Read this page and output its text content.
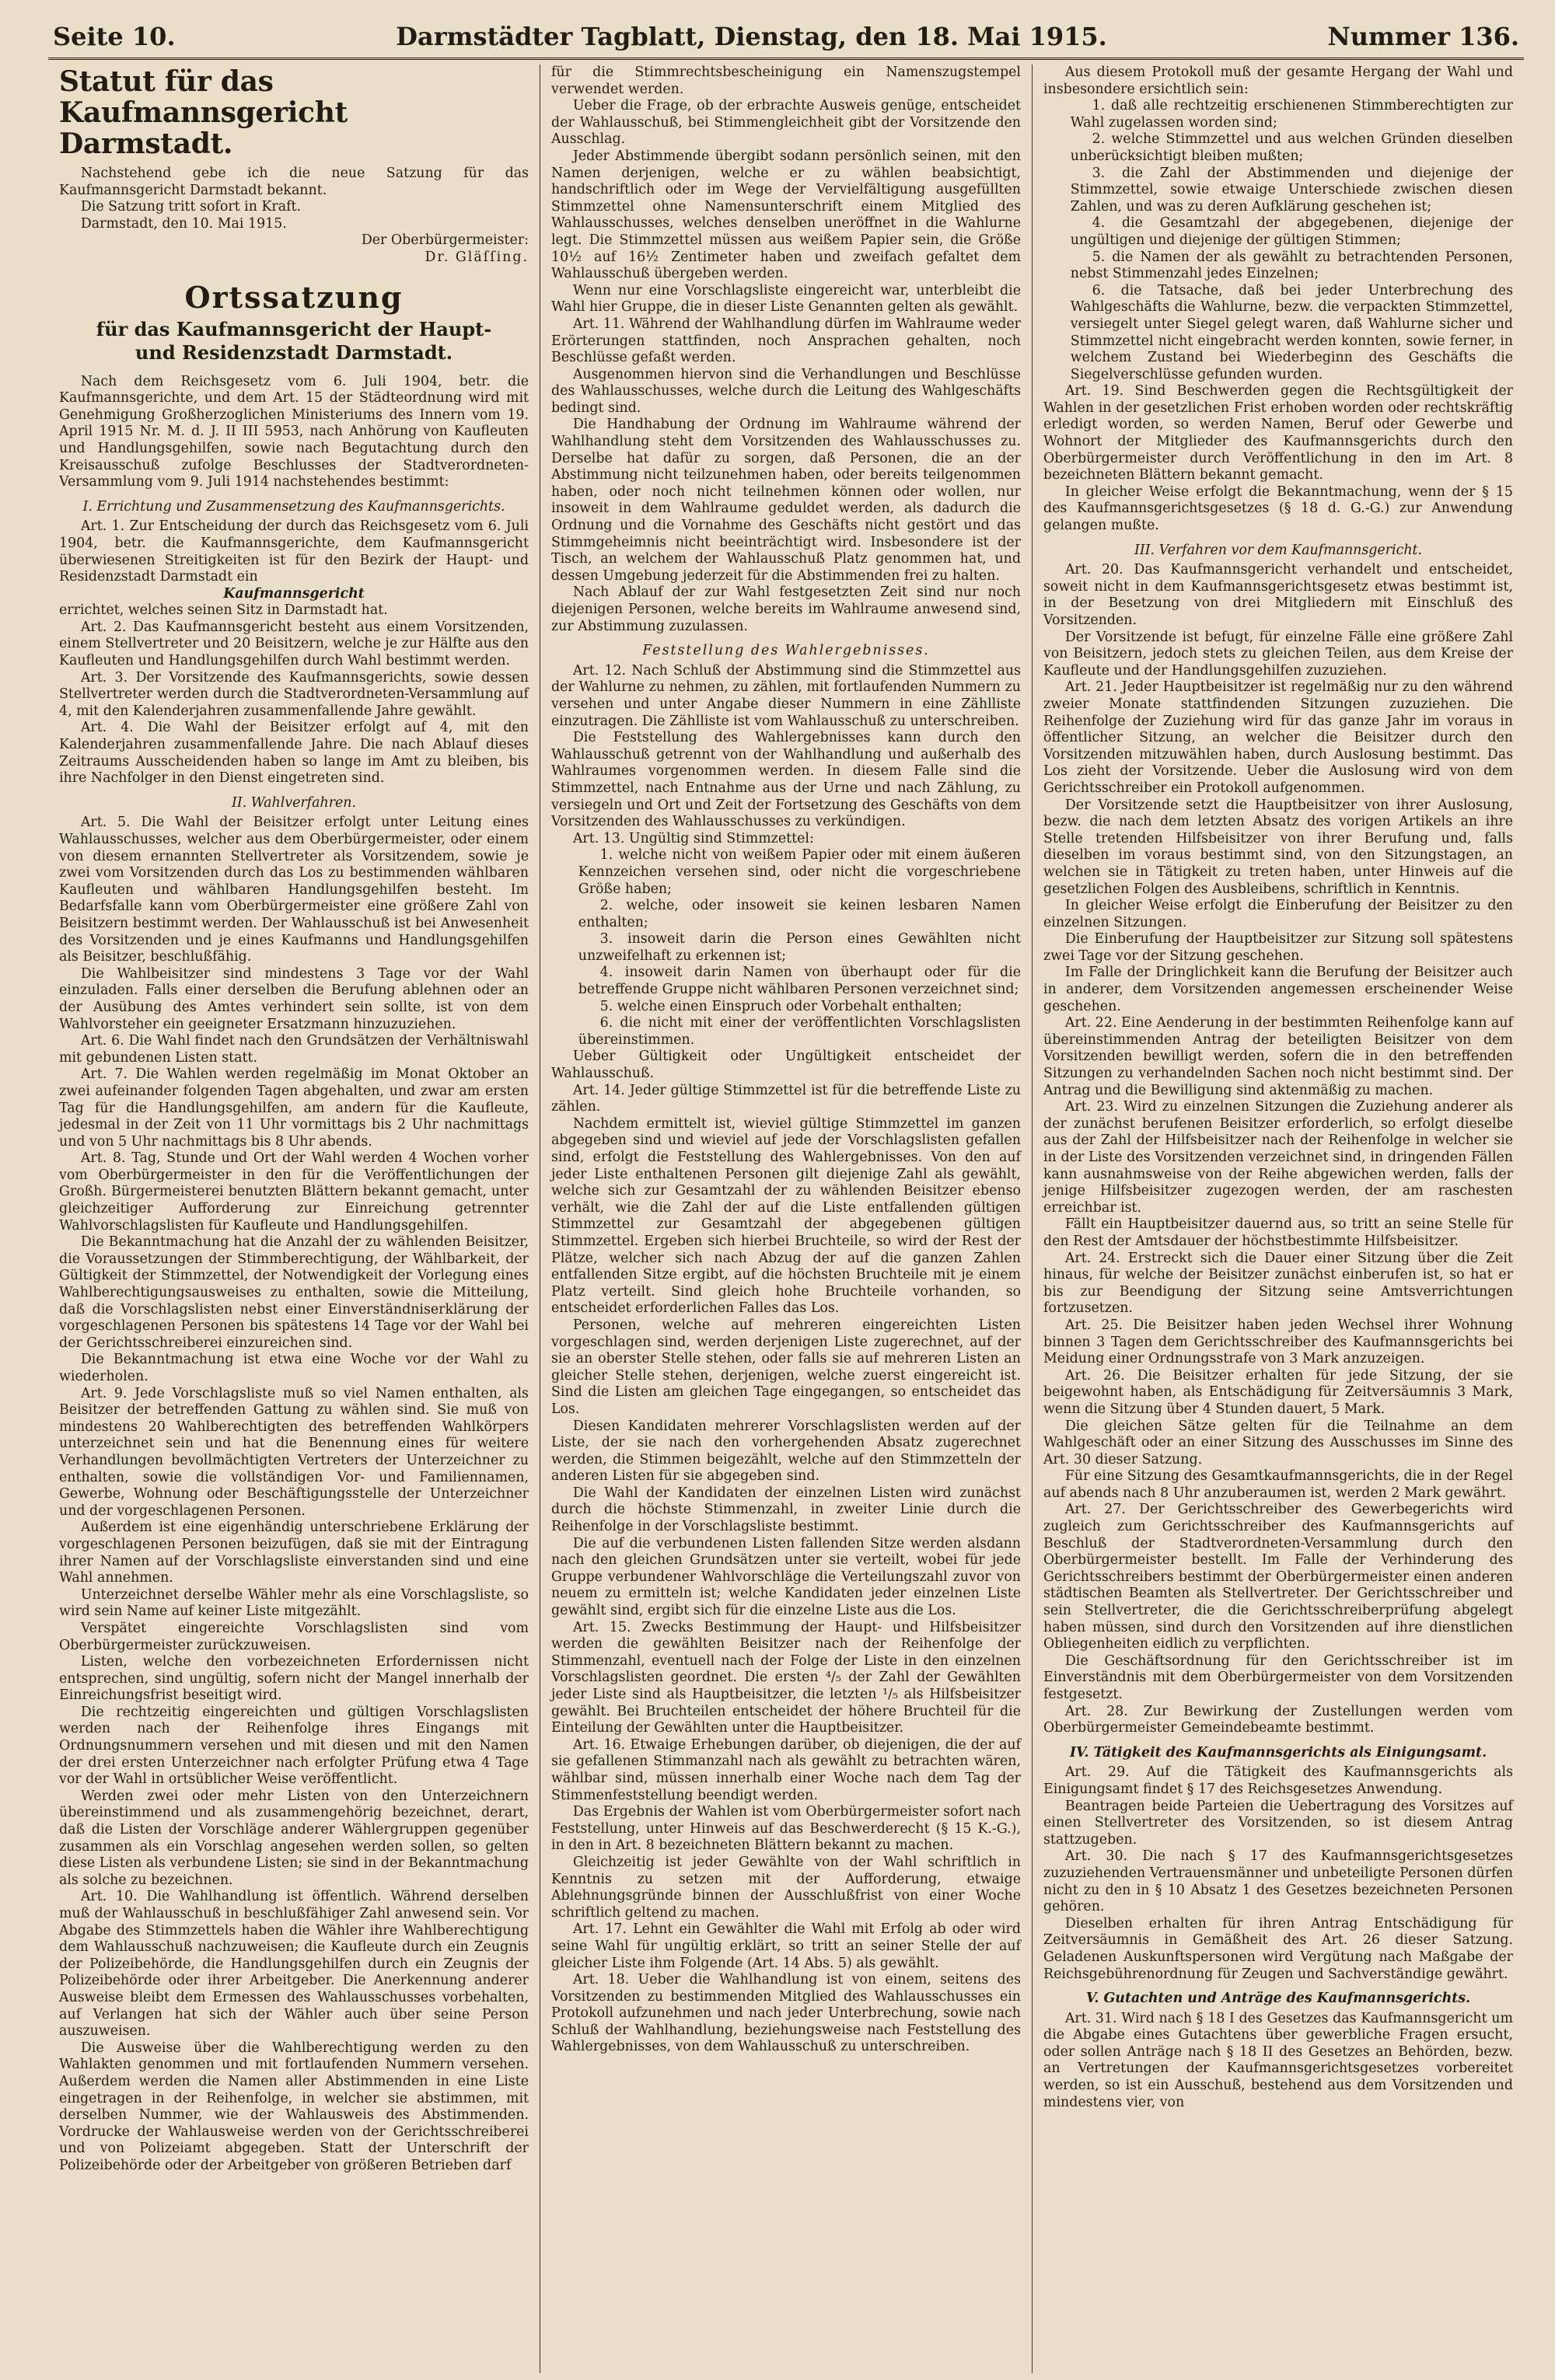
Seite 10.	Darmstädter Tagblatt, Dienstag, den 18. Mai 1915.	Nummer 136.
Statut für das Kaufmannsgericht Darmstadt.

Nachstehend gebe ich die neue Satzung für das Kaufmannsgericht Darmstadt bekannt.

Die Satzung tritt sofort in Kraft.

Darmstadt, den 10. Mai 1915.

Der Oberbürgermeister:
Dr. Gläſſing.
Ortssatzung
für das Kaufmannsgericht der Haupt- und Residenzstadt Darmstadt.

Nach dem Reichsgesetz vom 6. Juli 1904, betr. die Kaufmannsgerichte, und dem Art. 15 der Städteordnung wird mit Genehmigung Großherzoglichen Ministeriums des Innern vom 19. April 1915 Nr. M. d. J. II III 5953, nach Anhörung von Kaufleuten und Handlungsgehilfen, sowie nach Begutachtung durch den Kreisausschuß zufolge Beschlusses der Stadtverordneten-Versammlung vom 9. Juli 1914 nachstehendes bestimmt:

I. Errichtung und Zusammensetzung des Kaufmannsgerichts.

Art. 1. Zur Entscheidung der durch das Reichsgesetz vom 6. Juli 1904, betr. die Kaufmannsgerichte, dem Kaufmannsgericht überwiesenen Streitigkeiten ist für den Bezirk der Haupt- und Residenzstadt Darmstadt ein

Kaufmannsgericht

errichtet, welches seinen Sitz in Darmstadt hat.

Art. 2. Das Kaufmannsgericht besteht aus einem Vorsitzenden, einem Stellvertreter und 20 Beisitzern, welche je zur Hälfte aus den Kaufleuten und Handlungsgehilfen durch Wahl bestimmt werden.

Art. 3. Der Vorsitzende des Kaufmannsgerichts, sowie dessen Stellvertreter werden durch die Stadtverordneten-Versammlung auf 4, mit den Kalenderjahren zusammenfallende Jahre gewählt.

Art. 4. Die Wahl der Beisitzer erfolgt auf 4, mit den Kalenderjahren zusammenfallende Jahre. Die nach Ablauf dieses Zeitraums Ausscheidenden haben so lange im Amt zu bleiben, bis ihre Nachfolger in den Dienst eingetreten sind.

II. Wahlverfahren.

Art. 5. Die Wahl der Beisitzer erfolgt unter Leitung eines Wahlausschusses, welcher aus dem Oberbürgermeister, oder einem von diesem ernannten Stellvertreter als Vorsitzendem, sowie je zwei vom Vorsitzenden durch das Los zu bestimmenden wählbaren Kaufleuten und wählbaren Handlungsgehilfen besteht. Im Bedarfsfalle kann vom Oberbürgermeister eine größere Zahl von Beisitzern bestimmt werden. Der Wahlausschuß ist bei Anwesenheit des Vorsitzenden und je eines Kaufmanns und Handlungsgehilfen als Beisitzer, beschlußfähig.

Die Wahlbeisitzer sind mindestens 3 Tage vor der Wahl einzuladen. Falls einer derselben die Berufung ablehnen oder an der Ausübung des Amtes verhindert sein sollte, ist von dem Wahlvorsteher ein geeigneter Ersatzmann hinzuzuziehen.

Art. 6. Die Wahl findet nach den Grundsätzen der Verhältniswahl mit gebundenen Listen statt.

Art. 7. Die Wahlen werden regelmäßig im Monat Oktober an zwei aufeinander folgenden Tagen abgehalten, und zwar am ersten Tag für die Handlungsgehilfen, am andern für die Kaufleute, jedesmal in der Zeit von 11 Uhr vormittags bis 2 Uhr nachmittags und von 5 Uhr nachmittags bis 8 Uhr abends.

Art. 8. Tag, Stunde und Ort der Wahl werden 4 Wochen vorher vom Oberbürgermeister in den für die Veröffentlichungen der Großh. Bürgermeisterei benutzten Blättern bekannt gemacht, unter gleichzeitiger Aufforderung zur Einreichung getrennter Wahlvorschlagslisten für Kaufleute und Handlungsgehilfen.

Die Bekanntmachung hat die Anzahl der zu wählenden Beisitzer, die Voraussetzungen der Stimmberechtigung, der Wählbarkeit, der Gültigkeit der Stimmzettel, der Notwendigkeit der Vorlegung eines Wahlberechtigungsausweises zu enthalten, sowie die Mitteilung, daß die Vorschlagslisten nebst einer Einverständniserklärung der vorgeschlagenen Personen bis spätestens 14 Tage vor der Wahl bei der Gerichtsschreiberei einzureichen sind.

Die Bekanntmachung ist etwa eine Woche vor der Wahl zu wiederholen.

Art. 9. Jede Vorschlagsliste muß so viel Namen enthalten, als Beisitzer der betreffenden Gattung zu wählen sind. Sie muß von mindestens 20 Wahlberechtigten des betreffenden Wahlkörpers unterzeichnet sein und hat die Benennung eines für weitere Verhandlungen bevollmächtigten Vertreters der Unterzeichner zu enthalten, sowie die vollständigen Vor- und Familiennamen, Gewerbe, Wohnung oder Beschäftigungsstelle der Unterzeichner und der vorgeschlagenen Personen.

Außerdem ist eine eigenhändig unterschriebene Erklärung der vorgeschlagenen Personen beizufügen, daß sie mit der Eintragung ihrer Namen auf der Vorschlagsliste einverstanden sind und eine Wahl annehmen.

Unterzeichnet derselbe Wähler mehr als eine Vorschlagsliste, so wird sein Name auf keiner Liste mitgezählt.

Verspätet eingereichte Vorschlagslisten sind vom Oberbürgermeister zurückzuweisen.

Listen, welche den vorbezeichneten Erfordernissen nicht entsprechen, sind ungültig, sofern nicht der Mangel innerhalb der Einreichungsfrist beseitigt wird.

Die rechtzeitig eingereichten und gültigen Vorschlagslisten werden nach der Reihenfolge ihres Eingangs mit Ordnungsnummern versehen und mit diesen und mit den Namen der drei ersten Unterzeichner nach erfolgter Prüfung etwa 4 Tage vor der Wahl in ortsüblicher Weise veröffentlicht.

Werden zwei oder mehr Listen von den Unterzeichnern übereinstimmend und als zusammengehörig bezeichnet, derart, daß die Listen der Vorschläge anderer Wählergruppen gegenüber zusammen als ein Vorschlag angesehen werden sollen, so gelten diese Listen als verbundene Listen; sie sind in der Bekanntmachung als solche zu bezeichnen.

Art. 10. Die Wahlhandlung ist öffentlich. Während derselben muß der Wahlausschuß in beschlußfähiger Zahl anwesend sein. Vor Abgabe des Stimmzettels haben die Wähler ihre Wahlberechtigung dem Wahlausschuß nachzuweisen; die Kaufleute durch ein Zeugnis der Polizeibehörde, die Handlungsgehilfen durch ein Zeugnis der Polizeibehörde oder ihrer Arbeitgeber. Die Anerkennung anderer Ausweise bleibt dem Ermessen des Wahlausschusses vorbehalten, auf Verlangen hat sich der Wähler auch über seine Person auszuweisen.

Die Ausweise über die Wahlberechtigung werden zu den Wahlakten genommen und mit fortlaufenden Nummern versehen. Außerdem werden die Namen aller Abstimmenden in eine Liste eingetragen in der Reihenfolge, in welcher sie abstimmen, mit derselben Nummer, wie der Wahlausweis des Abstimmenden. Vordrucke der Wahlausweise werden von der Gerichtsschreiberei und von Polizeiamt abgegeben. Statt der Unterschrift der Polizeibehörde oder der Arbeitgeber von größeren Betrieben darf

für die Stimmrechtsbescheinigung ein Namenszugstempel verwendet werden.

Ueber die Frage, ob der erbrachte Ausweis genüge, entscheidet der Wahlausschuß, bei Stimmengleichheit gibt der Vorsitzende den Ausschlag.

Jeder Abstimmende übergibt sodann persönlich seinen, mit den Namen derjenigen, welche er zu wählen beabsichtigt, handschriftlich oder im Wege der Vervielfältigung ausgefüllten Stimmzettel ohne Namensunterschrift einem Mitglied des Wahlausschusses, welches denselben uneröffnet in die Wahlurne legt. Die Stimmzettel müssen aus weißem Papier sein, die Größe 10½ auf 16½ Zentimeter haben und zweifach gefaltet dem Wahlausschuß übergeben werden.

Wenn nur eine Vorschlagsliste eingereicht war, unterbleibt die Wahl hier Gruppe, die in dieser Liste Genannten gelten als gewählt.

Art. 11. Während der Wahlhandlung dürfen im Wahlraume weder Erörterungen stattfinden, noch Ansprachen gehalten, noch Beschlüsse gefaßt werden.

Ausgenommen hiervon sind die Verhandlungen und Beschlüsse des Wahlausschusses, welche durch die Leitung des Wahlgeschäfts bedingt sind.

Die Handhabung der Ordnung im Wahlraume während der Wahlhandlung steht dem Vorsitzenden des Wahlausschusses zu. Derselbe hat dafür zu sorgen, daß Personen, die an der Abstimmung nicht teilzunehmen haben, oder bereits teilgenommen haben, oder noch nicht teilnehmen können oder wollen, nur insoweit in dem Wahlraume geduldet werden, als dadurch die Ordnung und die Vornahme des Geschäfts nicht gestört und das Stimmgeheimnis nicht beeinträchtigt wird. Insbesondere ist der Tisch, an welchem der Wahlausschuß Platz genommen hat, und dessen Umgebung jederzeit für die Abstimmenden frei zu halten.

Nach Ablauf der zur Wahl festgesetzten Zeit sind nur noch diejenigen Personen, welche bereits im Wahlraume anwesend sind, zur Abstimmung zuzulassen.

Feststellung des Wahlergebnisses.

Art. 12. Nach Schluß der Abstimmung sind die Stimmzettel aus der Wahlurne zu nehmen, zu zählen, mit fortlaufenden Nummern zu versehen und unter Angabe dieser Nummern in eine Zählliste einzutragen. Die Zählliste ist vom Wahlausschuß zu unterschreiben.

Die Feststellung des Wahlergebnisses kann durch den Wahlausschuß getrennt von der Wahlhandlung und außerhalb des Wahlraumes vorgenommen werden. In diesem Falle sind die Stimmzettel, nach Entnahme aus der Urne und nach Zählung, zu versiegeln und Ort und Zeit der Fortsetzung des Geschäfts von dem Vorsitzenden des Wahlausschusses zu verkündigen.

Art. 13. Ungültig sind Stimmzettel:

1. welche nicht von weißem Papier oder mit einem äußeren Kennzeichen versehen sind, oder nicht die vorgeschriebene Größe haben;

2. welche, oder insoweit sie keinen lesbaren Namen enthalten;

3. insoweit darin die Person eines Gewählten nicht unzweifelhaft zu erkennen ist;

4. insoweit darin Namen von überhaupt oder für die betreffende Gruppe nicht wählbaren Personen verzeichnet sind;

5. welche einen Einspruch oder Vorbehalt enthalten;

6. die nicht mit einer der veröffentlichten Vorschlagslisten übereinstimmen.

Ueber Gültigkeit oder Ungültigkeit entscheidet der Wahlausschuß.

Art. 14. Jeder gültige Stimmzettel ist für die betreffende Liste zu zählen.

Nachdem ermittelt ist, wieviel gültige Stimmzettel im ganzen abgegeben sind und wieviel auf jede der Vorschlagslisten gefallen sind, erfolgt die Feststellung des Wahlergebnisses. Von den auf jeder Liste enthaltenen Personen gilt diejenige Zahl als gewählt, welche sich zur Gesamtzahl der zu wählenden Beisitzer ebenso verhält, wie die Zahl der auf die Liste entfallenden gültigen Stimmzettel zur Gesamtzahl der abgegebenen gültigen Stimmzettel. Ergeben sich hierbei Bruchteile, so wird der Rest der Plätze, welcher sich nach Abzug der auf die ganzen Zahlen entfallenden Sitze ergibt, auf die höchsten Bruchteile mit je einem Platz verteilt. Sind gleich hohe Bruchteile vorhanden, so entscheidet erforderlichen Falles das Los.

Personen, welche auf mehreren eingereichten Listen vorgeschlagen sind, werden derjenigen Liste zugerechnet, auf der sie an oberster Stelle stehen, oder falls sie auf mehreren Listen an gleicher Stelle stehen, derjenigen, welche zuerst eingereicht ist. Sind die Listen am gleichen Tage eingegangen, so entscheidet das Los.

Diesen Kandidaten mehrerer Vorschlagslisten werden auf der Liste, der sie nach den vorhergehenden Absatz zugerechnet werden, die Stimmen beigezählt, welche auf den Stimmzetteln der anderen Listen für sie abgegeben sind.

Die Wahl der Kandidaten der einzelnen Listen wird zunächst durch die höchste Stimmenzahl, in zweiter Linie durch die Reihenfolge in der Vorschlagsliste bestimmt.

Die auf die verbundenen Listen fallenden Sitze werden alsdann nach den gleichen Grundsätzen unter sie verteilt, wobei für jede Gruppe verbundener Wahlvorschläge die Verteilungszahl zuvor von neuem zu ermitteln ist; welche Kandidaten jeder einzelnen Liste gewählt sind, ergibt sich für die einzelne Liste aus die Los.

Art. 15. Zwecks Bestimmung der Haupt- und Hilfsbeisitzer werden die gewählten Beisitzer nach der Reihenfolge der Stimmenzahl, eventuell nach der Folge der Liste in den einzelnen Vorschlagslisten geordnet. Die ersten ⁴/₅ der Zahl der Gewählten jeder Liste sind als Hauptbeisitzer, die letzten ¹/₅ als Hilfsbeisitzer gewählt. Bei Bruchteilen entscheidet der höhere Bruchteil für die Einteilung der Gewählten unter die Hauptbeisitzer.

Art. 16. Etwaige Erhebungen darüber, ob diejenigen, die der auf sie gefallenen Stimmanzahl nach als gewählt zu betrachten wären, wählbar sind, müssen innerhalb einer Woche nach dem Tag der Stimmenfeststellung beendigt werden.

Das Ergebnis der Wahlen ist vom Oberbürgermeister sofort nach Feststellung, unter Hinweis auf das Beschwerderecht (§ 15 K.-G.), in den in Art. 8 bezeichneten Blättern bekannt zu machen.

Gleichzeitig ist jeder Gewählte von der Wahl schriftlich in Kenntnis zu setzen mit der Aufforderung, etwaige Ablehnungsgründe binnen der Ausschlußfrist von einer Woche schriftlich geltend zu machen.

Art. 17. Lehnt ein Gewählter die Wahl mit Erfolg ab oder wird seine Wahl für ungültig erklärt, so tritt an seiner Stelle der auf gleicher Liste ihm Folgende (Art. 14 Abs. 5) als gewählt.

Art. 18. Ueber die Wahlhandlung ist von einem, seitens des Vorsitzenden zu bestimmenden Mitglied des Wahlausschusses ein Protokoll aufzunehmen und nach jeder Unterbrechung, sowie nach Schluß der Wahlhandlung, beziehungsweise nach Feststellung des Wahlergebnisses, von dem Wahlausschuß zu unterschreiben.

Aus diesem Protokoll muß der gesamte Hergang der Wahl und insbesondere ersichtlich sein:

1. daß alle rechtzeitig erschienenen Stimmberechtigten zur Wahl zugelassen worden sind;

2. welche Stimmzettel und aus welchen Gründen dieselben unberücksichtigt bleiben mußten;

3. die Zahl der Abstimmenden und diejenige der Stimmzettel, sowie etwaige Unterschiede zwischen diesen Zahlen, und was zu deren Aufklärung geschehen ist;

4. die Gesamtzahl der abgegebenen, diejenige der ungültigen und diejenige der gültigen Stimmen;

5. die Namen der als gewählt zu betrachtenden Personen, nebst Stimmenzahl jedes Einzelnen;

6. die Tatsache, daß bei jeder Unterbrechung des Wahlgeschäfts die Wahlurne, bezw. die verpackten Stimmzettel, versiegelt unter Siegel gelegt waren, daß Wahlurne sicher und Stimmzettel nicht eingebracht werden konnten, sowie ferner, in welchem Zustand bei Wiederbeginn des Geschäfts die Siegelverschlüsse gefunden wurden.

Art. 19. Sind Beschwerden gegen die Rechtsgültigkeit der Wahlen in der gesetzlichen Frist erhoben worden oder rechtskräftig erledigt worden, so werden Namen, Beruf oder Gewerbe und Wohnort der Mitglieder des Kaufmannsgerichts durch den Oberbürgermeister durch Veröffentlichung in den im Art. 8 bezeichneten Blättern bekannt gemacht.

In gleicher Weise erfolgt die Bekanntmachung, wenn der § 15 des Kaufmannsgerichtsgesetzes (§ 18 d. G.-G.) zur Anwendung gelangen mußte.

III. Verfahren vor dem Kaufmannsgericht.

Art. 20. Das Kaufmannsgericht verhandelt und entscheidet, soweit nicht in dem Kaufmannsgerichtsgesetz etwas bestimmt ist, in der Besetzung von drei Mitgliedern mit Einschluß des Vorsitzenden.

Der Vorsitzende ist befugt, für einzelne Fälle eine größere Zahl von Beisitzern, jedoch stets zu gleichen Teilen, aus dem Kreise der Kaufleute und der Handlungsgehilfen zuzuziehen.

Art. 21. Jeder Hauptbeisitzer ist regelmäßig nur zu den während zweier Monate stattfindenden Sitzungen zuzuziehen. Die Reihenfolge der Zuziehung wird für das ganze Jahr im voraus in öffentlicher Sitzung, an welcher die Beisitzer durch den Vorsitzenden mitzuwählen haben, durch Auslosung bestimmt. Das Los zieht der Vorsitzende. Ueber die Auslosung wird von dem Gerichtsschreiber ein Protokoll aufgenommen.

Der Vorsitzende setzt die Hauptbeisitzer von ihrer Auslosung, bezw. die nach dem letzten Absatz des vorigen Artikels an ihre Stelle tretenden Hilfsbeisitzer von ihrer Berufung und, falls dieselben im voraus bestimmt sind, von den Sitzungstagen, an welchen sie in Tätigkeit zu treten haben, unter Hinweis auf die gesetzlichen Folgen des Ausbleibens, schriftlich in Kenntnis.

In gleicher Weise erfolgt die Einberufung der Beisitzer zu den einzelnen Sitzungen.

Die Einberufung der Hauptbeisitzer zur Sitzung soll spätestens zwei Tage vor der Sitzung geschehen.

Im Falle der Dringlichkeit kann die Berufung der Beisitzer auch in anderer, dem Vorsitzenden angemessen erscheinender Weise geschehen.

Art. 22. Eine Aenderung in der bestimmten Reihenfolge kann auf übereinstimmenden Antrag der beteiligten Beisitzer von dem Vorsitzenden bewilligt werden, sofern die in den betreffenden Sitzungen zu verhandelnden Sachen noch nicht bestimmt sind. Der Antrag und die Bewilligung sind aktenmäßig zu machen.

Art. 23. Wird zu einzelnen Sitzungen die Zuziehung anderer als der zunächst berufenen Beisitzer erforderlich, so erfolgt dieselbe aus der Zahl der Hilfsbeisitzer nach der Reihenfolge in welcher sie in der Liste des Vorsitzenden verzeichnet sind, in dringenden Fällen kann ausnahmsweise von der Reihe abgewichen werden, falls der jenige Hilfsbeisitzer zugezogen werden, der am raschesten erreichbar ist.

Fällt ein Hauptbeisitzer dauernd aus, so tritt an seine Stelle für den Rest der Amtsdauer der höchstbestimmte Hilfsbeisitzer.

Art. 24. Erstreckt sich die Dauer einer Sitzung über die Zeit hinaus, für welche der Beisitzer zunächst einberufen ist, so hat er bis zur Beendigung der Sitzung seine Amtsverrichtungen fortzusetzen.

Art. 25. Die Beisitzer haben jeden Wechsel ihrer Wohnung binnen 3 Tagen dem Gerichtsschreiber des Kaufmannsgerichts bei Meidung einer Ordnungsstrafe von 3 Mark anzuzeigen.

Art. 26. Die Beisitzer erhalten für jede Sitzung, der sie beigewohnt haben, als Entschädigung für Zeitversäumnis 3 Mark, wenn die Sitzung über 4 Stunden dauert, 5 Mark.

Die gleichen Sätze gelten für die Teilnahme an dem Wahlgeschäft oder an einer Sitzung des Ausschusses im Sinne des Art. 30 dieser Satzung.

Für eine Sitzung des Gesamtkaufmannsgerichts, die in der Regel auf abends nach 8 Uhr anzuberaumen ist, werden 2 Mark gewährt.

Art. 27. Der Gerichtsschreiber des Gewerbegerichts wird zugleich zum Gerichtsschreiber des Kaufmannsgerichts auf Beschluß der Stadtverordneten-Versammlung durch den Oberbürgermeister bestellt. Im Falle der Verhinderung des Gerichtsschreibers bestimmt der Oberbürgermeister einen anderen städtischen Beamten als Stellvertreter. Der Gerichtsschreiber und sein Stellvertreter, die die Gerichtsschreiberprüfung abgelegt haben müssen, sind durch den Vorsitzenden auf ihre dienstlichen Obliegenheiten eidlich zu verpflichten.

Die Geschäftsordnung für den Gerichtsschreiber ist im Einverständnis mit dem Oberbürgermeister von dem Vorsitzenden festgesetzt.

Art. 28. Zur Bewirkung der Zustellungen werden vom Oberbürgermeister Gemeindebeamte bestimmt.

IV. Tätigkeit des Kaufmannsgerichts als Einigungsamt.

Art. 29. Auf die Tätigkeit des Kaufmannsgerichts als Einigungsamt findet § 17 des Reichsgesetzes Anwendung.

Beantragen beide Parteien die Uebertragung des Vorsitzes auf einen Stellvertreter des Vorsitzenden, so ist diesem Antrag stattzugeben.

Art. 30. Die nach § 17 des Kaufmannsgerichtsgesetzes zuzuziehenden Vertrauensmänner und unbeteiligte Personen dürfen nicht zu den in § 10 Absatz 1 des Gesetzes bezeichneten Personen gehören.

Dieselben erhalten für ihren Antrag Entschädigung für Zeitversäumnis in Gemäßheit des Art. 26 dieser Satzung. Geladenen Auskunftspersonen wird Vergütung nach Maßgabe der Reichsgebührenordnung für Zeugen und Sachverständige gewährt.

V. Gutachten und Anträge des Kaufmannsgerichts.

Art. 31. Wird nach § 18 I des Gesetzes das Kaufmannsgericht um die Abgabe eines Gutachtens über gewerbliche Fragen ersucht, oder sollen Anträge nach § 18 II des Gesetzes an Behörden, bezw. an Vertretungen der Kaufmannsgerichtsgesetzes vorbereitet werden, so ist ein Ausschuß, bestehend aus dem Vorsitzenden und mindestens vier, von
